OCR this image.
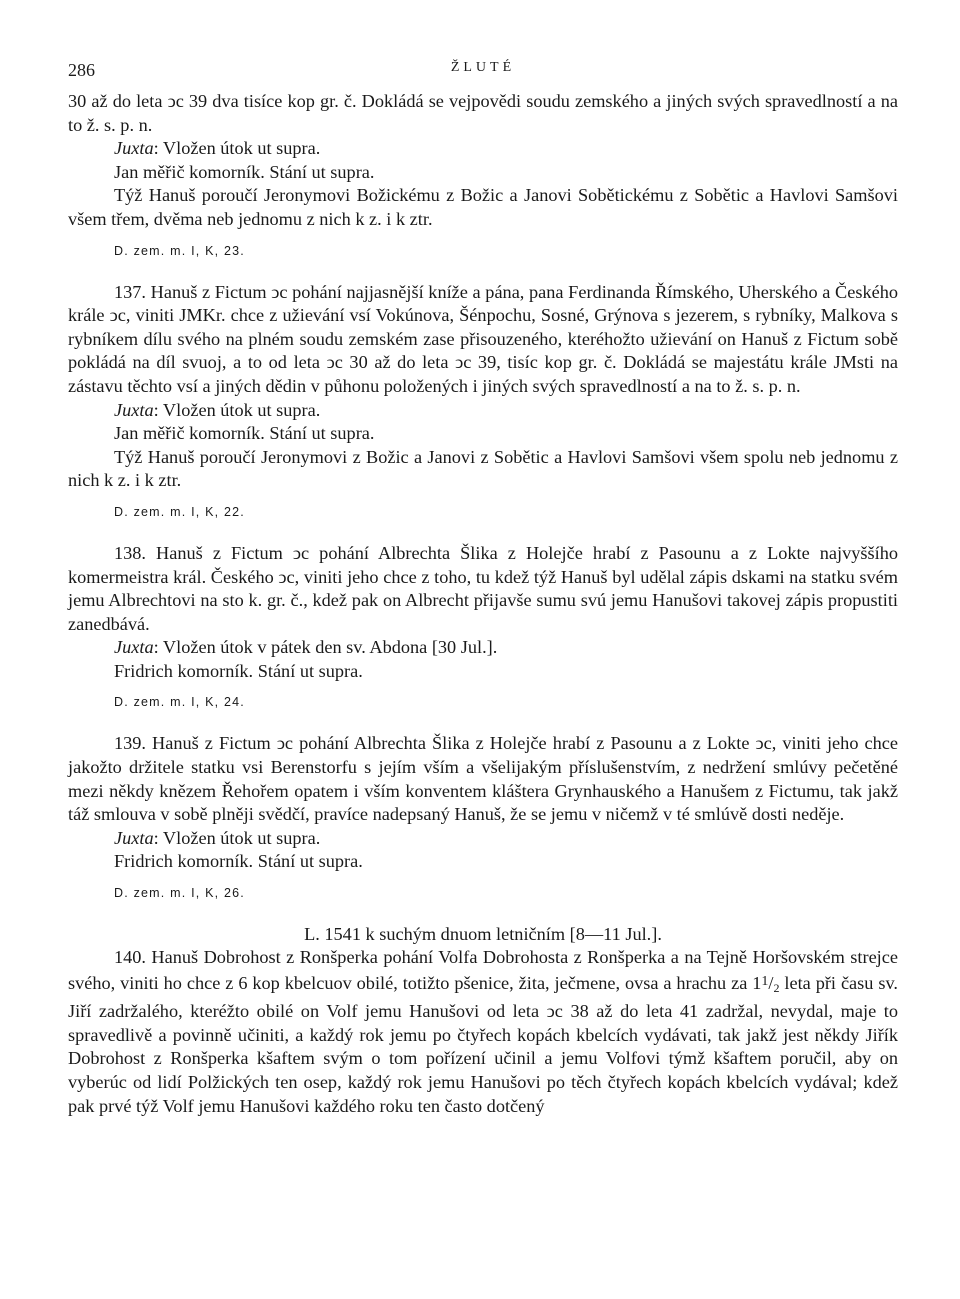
286	ŽLUTÉ

30 až do leta ↄc 39 dva tisíce kop gr. č. Dokládá se vejpovědi soudu zemského a jiných svých spravedlností a na to ž. s. p. n.

Juxta: Vložen útok ut supra.

Jan měřič komorník. Stání ut supra.

Týž Hanuš poroučí Jeronymovi Božickému z Božic a Janovi Sobětickému z Sobětic a Havlovi Samšovi všem třem, dvěma neb jednomu z nich k z. i k ztr.

D. zem. m. I, K, 23.

137. Hanuš z Fictum ↄc pohání najjasnější kníže a pána, pana Ferdinanda Římského, Uherského a Českého krále ↄc, viniti JMKr. chce z užievání vsí Vokúnova, Šénpochu, Sosné, Grýnova s jezerem, s rybníky, Malkova s rybníkem dílu svého na plném soudu zemském zase přisouzeného, kteréhožto užievání on Hanuš z Fictum sobě pokládá na díl svuoj, a to od leta ↄc 30 až do leta ↄc 39, tisíc kop gr. č. Dokládá se majestátu krále JMsti na zástavu těchto vsí a jiných dědin v půhonu položených i jiných svých spravedlností a na to ž. s. p. n.

Juxta: Vložen útok ut supra.

Jan měřič komorník. Stání ut supra.

Týž Hanuš poroučí Jeronymovi z Božic a Janovi z Sobětic a Havlovi Samšovi všem spolu neb jednomu z nich k z. i k ztr.

D. zem. m. I, K, 22.

138. Hanuš z Fictum ↄc pohání Albrechta Šlika z Holejče hrabí z Pasounu a z Lokte najvyššího komermeistra král. Českého ↄc, viniti jeho chce z toho, tu kdež týž Hanuš byl udělal zápis dskami na statku svém jemu Albrechtovi na sto k. gr. č., kdež pak on Albrecht přijavše sumu svú jemu Hanušovi takovej zápis propustiti zanedbává.

Juxta: Vložen útok v pátek den sv. Abdona [30 Jul.].

Fridrich komorník. Stání ut supra.

D. zem. m. I, K, 24.

139. Hanuš z Fictum ↄc pohání Albrechta Šlika z Holejče hrabí z Pasounu a z Lokte ↄc, viniti jeho chce jakožto držitele statku vsi Berenstorfu s jejím vším a všelijakým příslušenstvím, z nedržení smlúvy pečetěné mezi někdy knězem Řehořem opatem i vším konventem kláštera Grynhauského a Hanušem z Fictumu, tak jakž táž smlouva v sobě plněji svědčí, pravíce nadepsaný Hanuš, že se jemu v ničemž v té smlúvě dosti neděje.

Juxta: Vložen útok ut supra.

Fridrich komorník. Stání ut supra.

D. zem. m. I, K, 26.
L. 1541 k suchým dnuom letničním [8—11 Jul.].

140. Hanuš Dobrohost z Ronšperka pohání Volfa Dobrohosta z Ronšperka a na Tejně Horšovském strejce svého, viniti ho chce z 6 kop kbelcuov obilé, totižto pšenice, žita, ječmene, ovsa a hrachu za $1^1/2$ leta při času sv. Jiří zadržalého, kteréžto obilé on Volf jemu Hanušovi od leta ↄc 38 až do leta 41 zadržal, nevydal, maje to spravedlivě a povinně učiniti, a každý rok jemu po čtyřech kopách kbelcích vydávati, tak jakž jest někdy Jiřík Dobrohost z Ronšperka kšaftem svým o tom pořízení učinil a jemu Volfovi týmž kšaftem poručil, aby on vyberúc od lidí Polžických ten osep, každý rok jemu Hanušovi po těch čtyřech kopách kbelcích vydával; kdež pak prvé týž Volf jemu Hanušovi každého roku ten často dotčený
